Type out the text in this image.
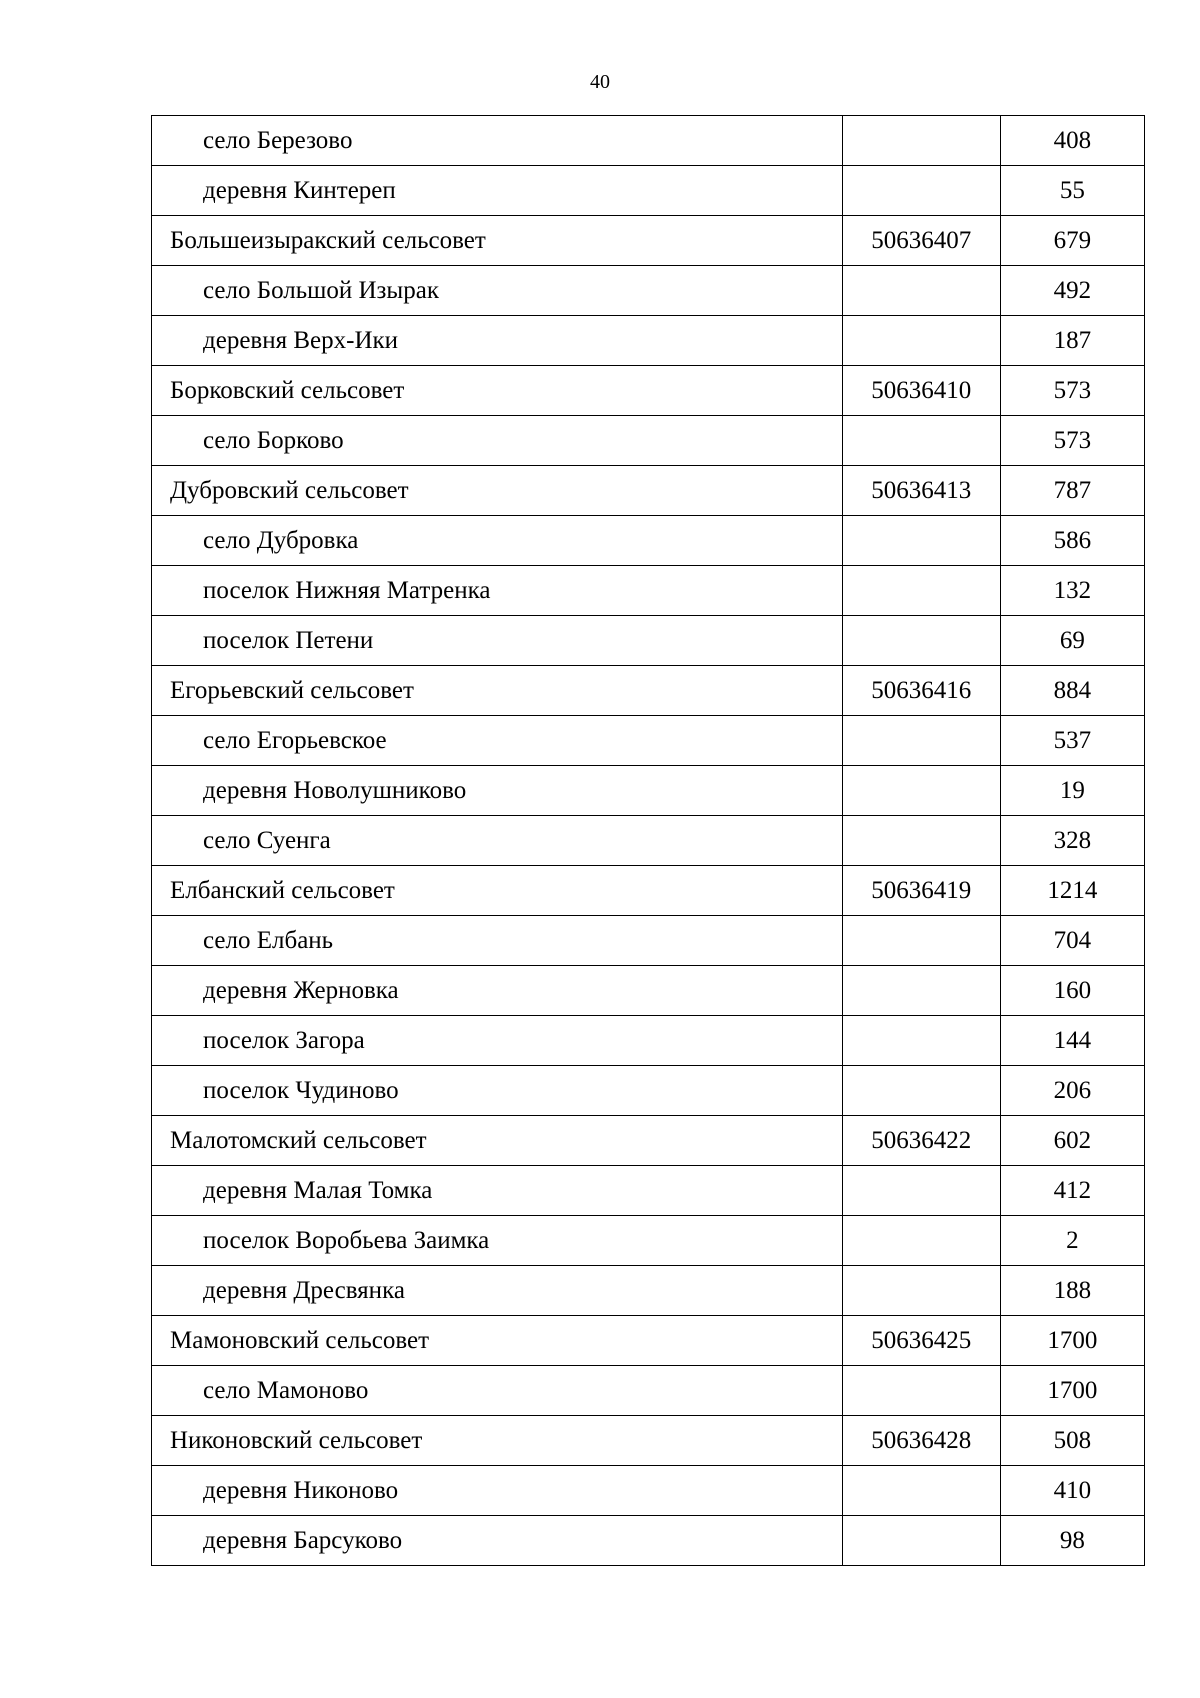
40
село Березово		408
деревня Кинтереп		55
Большеизыракский сельсовет	50636407	679
село Большой Изырак		492
деревня Верх-Ики		187
Борковский сельсовет	50636410	573
село Борково		573
Дубровский сельсовет	50636413	787
село Дубровка		586
поселок Нижняя Матренка		132
поселок Петени		69
Егорьевский сельсовет	50636416	884
село Егорьевское		537
деревня Новолушниково		19
село Суенга		328
Елбанский сельсовет	50636419	1214
село Елбань		704
деревня Жерновка		160
поселок Загора		144
поселок Чудиново		206
Малотомский сельсовет	50636422	602
деревня Малая Томка		412
поселок Воробьева Заимка		2
деревня Дресвянка		188
Мамоновский сельсовет	50636425	1700
село Мамоново		1700
Никоновский сельсовет	50636428	508
деревня Никоново		410
деревня Барсуково		98
